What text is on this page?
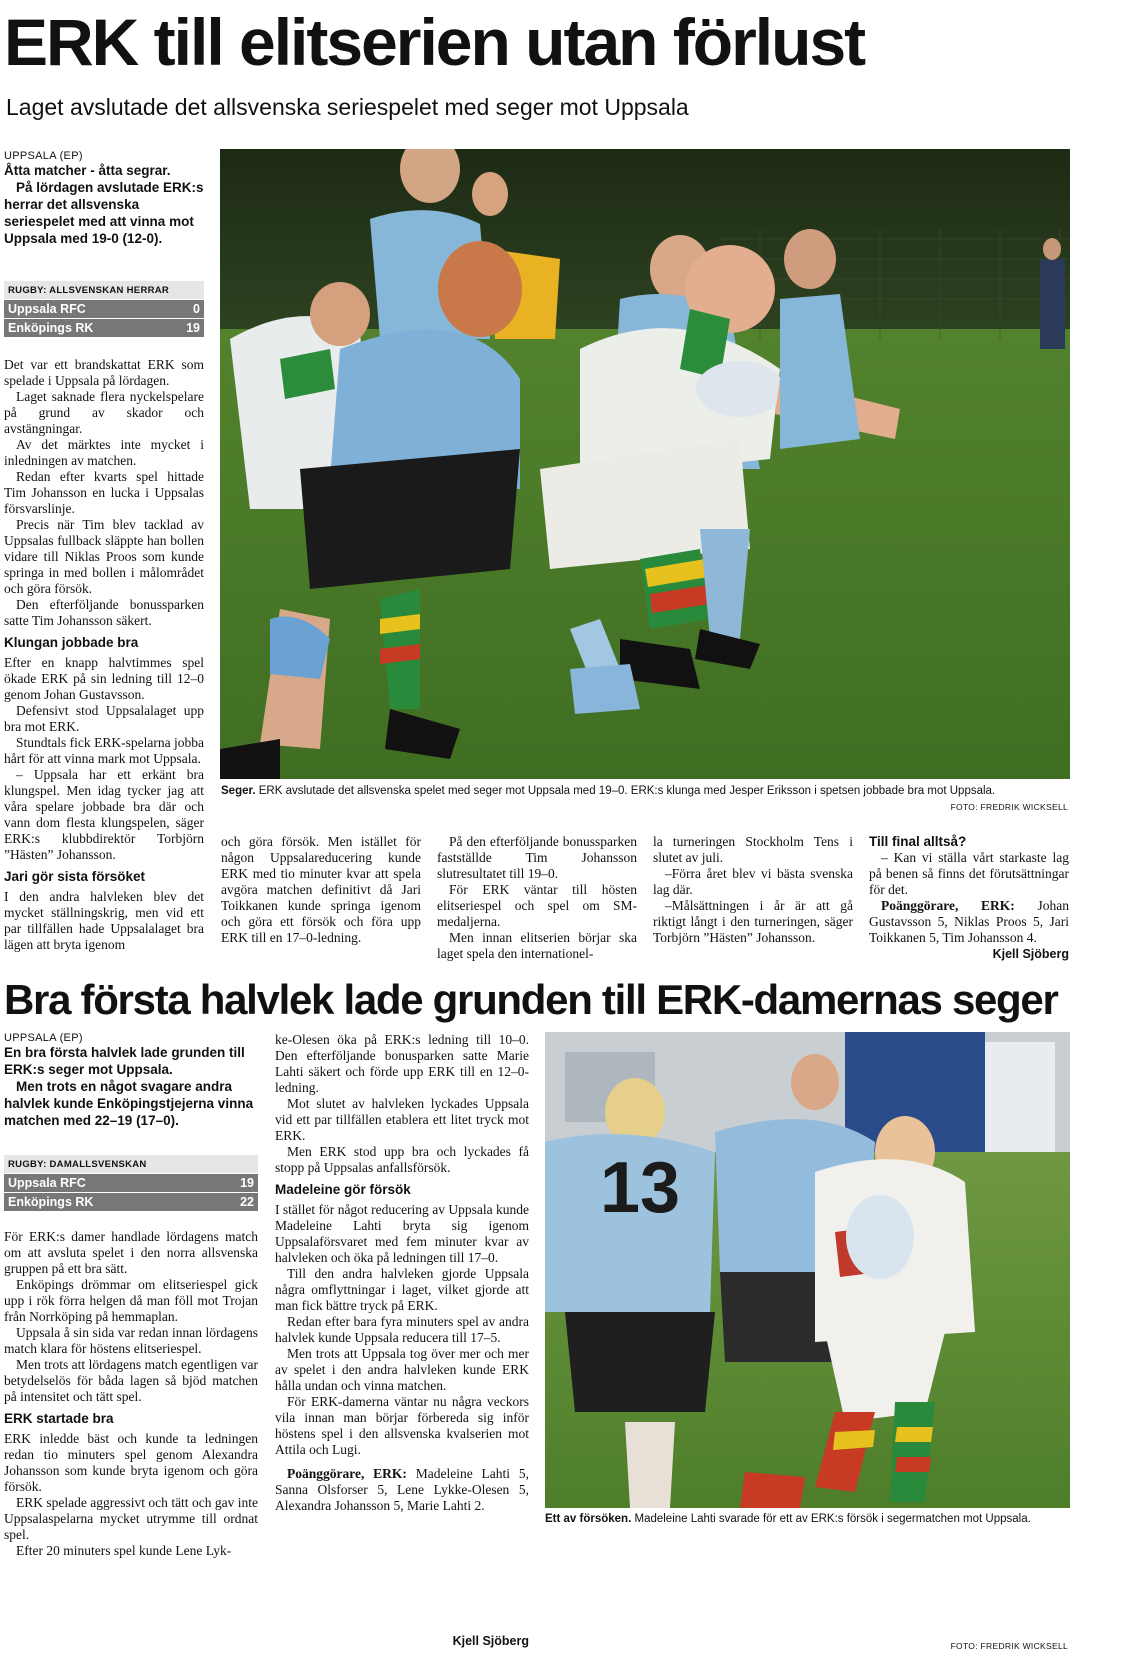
ERK till elitserien utan förlust
Laget avslutade det allsvenska seriespelet med seger mot Uppsala
UPPSALA (EP)
Åtta matcher - åtta segrar.
På lördagen avslutade ERK:s herrar det allsvenska seriespelet med att vinna mot Uppsala med 19-0 (12-0).
RUGBY: ALLSVENSKAN HERRAR
Uppsala RFC	0
Enköpings RK	19

Det var ett brandskattat ERK som spelade i Uppsala på lördagen.

Laget saknade flera nyckelspelare på grund av skador och avstängningar.

Av det märktes inte mycket i inledningen av matchen.

Redan efter kvarts spel hittade Tim Johansson en lucka i Uppsalas försvarslinje.

Precis när Tim blev tacklad av Uppsalas fullback släppte han bollen vidare till Niklas Proos som kunde springa in med bollen i målområdet och göra försök.

Den efterföljande bonussparken satte Tim Johansson säkert.

Klungan jobbade bra

Efter en knapp halvtimmes spel ökade ERK på sin ledning till 12–0 genom Johan Gustavsson.

Defensivt stod Uppsalalaget upp bra mot ERK.

Stundtals fick ERK-spelarna jobba hårt för att vinna mark mot Uppsala.

– Uppsala har ett erkänt bra klungspel. Men idag tycker jag att våra spelare jobbade bra där och vann dom flesta klungspelen, säger ERK:s klubbdirektör Torbjörn ”Hästen” Johansson.

Jari gör sista försöket

I den andra halvleken blev det mycket ställningskrig, men vid ett par tillfällen hade Uppsalalaget bra lägen att bryta igenom

Seger. ERK avslutade det allsvenska spelet med seger mot Uppsala med 19–0. ERK:s klunga med Jesper Eriksson i spetsen jobbade bra mot Uppsala.
FOTO: FREDRIK WICKSELL

och göra försök. Men istället för någon Uppsalareducering kunde ERK med tio minuter kvar att spela avgöra matchen definitivt då Jari Toikkanen kunde springa igenom och göra ett försök och föra upp ERK till en 17–0-ledning.

På den efterföljande bonussparken fastställde Tim Johansson slutresultatet till 19–0.

För ERK väntar till hösten elitseriespel och spel om SM-medaljerna.

Men innan elitserien börjar ska laget spela den internationel-

la turneringen Stockholm Tens i slutet av juli.

–Förra året blev vi bästa svenska lag där.

–Målsättningen i år är att gå riktigt långt i den turneringen, säger Torbjörn ”Hästen” Johansson.

Till final alltså?

– Kan vi ställa vårt starkaste lag på benen så finns det förutsättningar för det.

Poänggörare, ERK: Johan Gustavsson 5, Niklas Proos 5, Jari Toikkanen 5, Tim Johansson 4.

Kjell Sjöberg
Bra första halvlek lade grunden till ERK-damernas seger
UPPSALA (EP)
En bra första halvlek lade grunden till ERK:s seger mot Uppsala.
Men trots en något svagare andra halvlek kunde Enköpingstjejerna vinna matchen med 22–19 (17–0).
RUGBY: DAMALLSVENSKAN
Uppsala RFC	19
Enköpings RK	22

För ERK:s damer handlade lördagens match om att avsluta spelet i den norra allsvenska gruppen på ett bra sätt.

Enköpings drömmar om elitseriespel gick upp i rök förra helgen då man föll mot Trojan från Norrköping på hemmaplan.

Uppsala å sin sida var redan innan lördagens match klara för höstens elitseriespel.

Men trots att lördagens match egentligen var betydelselös för båda lagen så bjöd matchen på intensitet och tätt spel.

ERK startade bra

ERK inledde bäst och kunde ta ledningen redan tio minuters spel genom Alexandra Johansson som kunde bryta igenom och göra försök.

ERK spelade aggressivt och tätt och gav inte Uppsalaspelarna mycket utrymme till ordnat spel.

Efter 20 minuters spel kunde Lene Lyk-

ke-Olesen öka på ERK:s ledning till 10–0. Den efterföljande bonusparken satte Marie Lahti säkert och förde upp ERK till en 12–0-ledning.

Mot slutet av halvleken lyckades Uppsala vid ett par tillfällen etablera ett litet tryck mot ERK.

Men ERK stod upp bra och lyckades få stopp på Uppsalas anfallsförsök.

Madeleine gör försök

I stället för något reducering av Uppsala kunde Madeleine Lahti bryta sig igenom Uppsalaförsvaret med fem minuter kvar av halvleken och öka på ledningen till 17–0.

Till den andra halvleken gjorde Uppsala några omflyttningar i laget, vilket gjorde att man fick bättre tryck på ERK.

Redan efter bara fyra minuters spel av andra halvlek kunde Uppsala reducera till 17–5.

Men trots att Uppsala tog över mer och mer av spelet i den andra halvleken kunde ERK hålla undan och vinna matchen.

För ERK-damerna väntar nu några veckors vila innan man börjar förbereda sig inför höstens spel i den allsvenska kvalserien mot Attila och Lugi.

Poänggörare, ERK: Madeleine Lahti 5, Sanna Olsforser 5, Lene Lykke-Olesen 5, Alexandra Johansson 5, Marie Lahti 2.

Kjell Sjöberg
13
Ett av försöken. Madeleine Lahti svarade för ett av ERK:s försök i segermatchen mot Uppsala.
FOTO: FREDRIK WICKSELL
